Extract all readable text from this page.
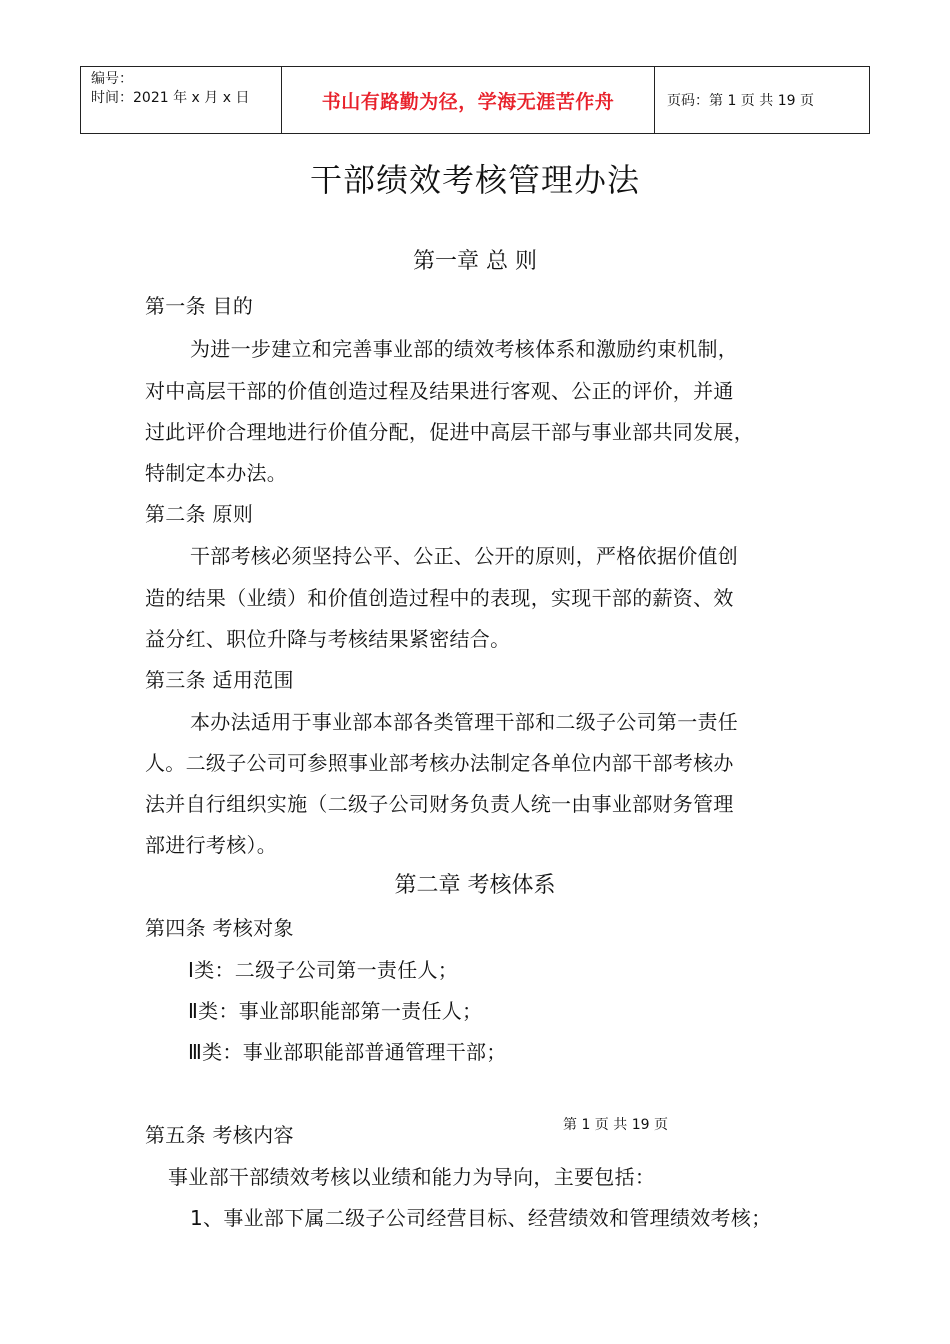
编号：
时间：2021 年 x 月 x 日	书山有路勤为径，学海无涯苦作舟	页码：第 1 页 共 19 页
干部绩效考核管理办法
第一章 总 则
第一条 目的
为进一步建立和完善事业部的绩效考核体系和激励约束机制，
对中高层干部的价值创造过程及结果进行客观、公正的评价，并通
过此评价合理地进行价值分配，促进中高层干部与事业部共同发展，
特制定本办法。
第二条 原则
干部考核必须坚持公平、公正、公开的原则，严格依据价值创
造的结果（业绩）和价值创造过程中的表现，实现干部的薪资、效
益分红、职位升降与考核结果紧密结合。
第三条 适用范围
本办法适用于事业部本部各类管理干部和二级子公司第一责任
人。二级子公司可参照事业部考核办法制定各单位内部干部考核办
法并自行组织实施（二级子公司财务负责人统一由事业部财务管理
部进行考核）。
第二章 考核体系
第四条 考核对象
Ⅰ类：二级子公司第一责任人；
Ⅱ类：事业部职能部第一责任人；
Ⅲ类：事业部职能部普通管理干部；
第五条 考核内容	第 1 页 共 19 页
事业部干部绩效考核以业绩和能力为导向，主要包括：
1、事业部下属二级子公司经营目标、经营绩效和管理绩效考核；
